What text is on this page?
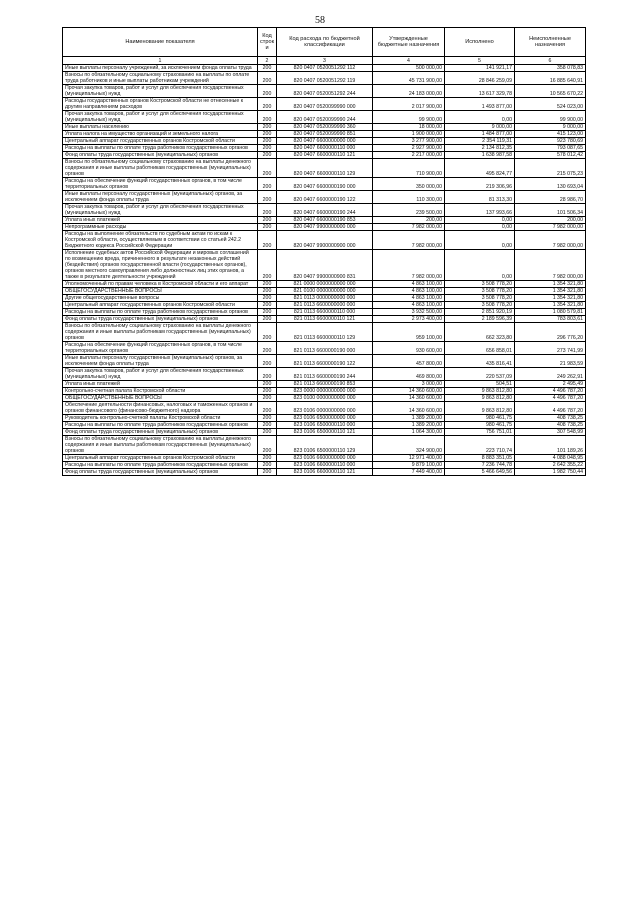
58
Наименование показателя	Код строк и	Код расхода по бюджетной классификации	Утвержденные бюджетные назначения	Исполнено	Неисполненные назначения
1	2	3	4	5	6
Иные выплаты персоналу учреждений, за исключением фонда оплаты труда	200	820 0407 0520051292 112	500 000,00	141 921,17	358 078,83
Взносы по обязательному социальному страхованию на выплаты по оплате труда работников и иные выплаты работникам учреждений	200	820 0407 0520051292 119	45 731 900,00	28 846 259,09	16 885 640,91
Прочая закупка товаров, работ и услуг для обеспечения государственных (муниципальных) нужд	200	820 0407 0520051292 244	24 183 000,00	13 617 329,78	10 565 670,22
Расходы государственных органов Костромской области не отнесенные к другим направлениям расходов	200	820 0407 0520099990 000	2 017 900,00	1 493 877,00	524 023,00
Прочая закупка товаров, работ и услуг для обеспечения государственных (муниципальных) нужд	200	820 0407 0520099990 244	99 900,00	0,00	99 900,00
Иные выплаты населению	200	820 0407 0520099990 360	18 000,00	9 000,00	9 000,00
Уплата налога на имущество организаций и земельного налога	200	820 0407 0520099990 851	1 900 000,00	1 484 877,00	415 123,00
Центральный аппарат государственных органов Костромской области	200	820 0407 6600000000 000	3 277 900,00	2 354 119,31	923 780,69
Расходы на выплаты по оплате труда работников государственных органов	200	820 0407 6600000110 000	2 927 900,00	2 134 812,35	793 087,65
Фонд оплаты труда государственных (муниципальных) органов	200	820 0407 6600000110 121	2 217 000,00	1 638 987,58	578 012,42
Взносы по обязательному социальному страхованию на выплаты денежного содержания и иные выплаты работникам государственных (муниципальных) органов	200	820 0407 6600000110 129	710 900,00	495 824,77	215 075,23
Расходы на обеспечение функций государственных органов, в том числе территориальных органов	200	820 0407 6600000190 000	350 000,00	219 306,96	130 693,04
Иные выплаты персоналу государственных (муниципальных) органов, за исключением фонда оплаты труда	200	820 0407 6600000190 122	110 300,00	81 313,30	28 986,70
Прочая закупка товаров, работ и услуг для обеспечения государственных (муниципальных) нужд	200	820 0407 6600000190 244	239 500,00	137 993,66	101 506,34
Уплата иных платежей	200	820 0407 6600000190 853	200,00	0,00	200,00
Непрограммные расходы	200	820 0407 9900000000 000	7 982 000,00	0,00	7 982 000,00
Расходы на выполнение обязательств по судебным актам по искам к Костромской области, осуществляемым в соответствии со статьей 242.2 Бюджетного кодекса Российской Федерации	200	820 0407 9900000900 000	7 982 000,00	0,00	7 982 000,00
Исполнение судебных актов Российской Федерации и мировых соглашений по возмещению вреда, причиненного в результате незаконных действий (бездействия) органов государственной власти (государственных органов), органов местного самоуправления либо должностных лиц этих органов, а также в результате деятельности учреждений	200	820 0407 9900000900 831	7 982 000,00	0,00	7 982 000,00
Уполномоченный по правам человека в Костромской области и его аппарат	200	821 0000 0000000000 000	4 863 100,00	3 508 778,20	1 354 321,80
ОБЩЕГОСУДАРСТВЕННЫЕ ВОПРОСЫ	200	821 0100 0000000000 000	4 863 100,00	3 508 778,20	1 354 321,80
Другие общегосударственные вопросы	200	821 0113 0000000000 000	4 863 100,00	3 508 778,20	1 354 321,80
Центральный аппарат государственных органов Костромской области	200	821 0113 6600000000 000	4 863 100,00	3 508 778,20	1 354 321,80
Расходы на выплаты по оплате труда работников государственных органов	200	821 0113 6600000110 000	3 932 500,00	2 851 920,19	1 080 579,81
Фонд оплаты труда государственных (муниципальных) органов	200	821 0113 6600000110 121	2 973 400,00	2 189 596,39	783 803,61
Взносы по обязательному социальному страхованию на выплаты денежного содержания и иные выплаты работникам государственных (муниципальных) органов	200	821 0113 6600000110 129	959 100,00	662 323,80	296 776,20
Расходы на обеспечение функций государственных органов, в том числе территориальных органов	200	821 0113 6600000190 000	930 600,00	656 858,01	273 741,99
Иные выплаты персоналу государственных (муниципальных) органов, за исключением фонда оплаты труда	200	821 0113 6600000190 122	457 800,00	435 816,41	21 983,59
Прочая закупка товаров, работ и услуг для обеспечения государственных (муниципальных) нужд	200	821 0113 6600000190 244	469 800,00	220 537,09	249 262,91
Уплата иных платежей	200	821 0113 6600000190 853	3 000,00	504,51	2 495,49
Контрольно-счетная палата Костромской области	200	823 0000 0000000000 000	14 360 600,00	9 863 812,80	4 496 787,20
ОБЩЕГОСУДАРСТВЕННЫЕ ВОПРОСЫ	200	823 0100 0000000000 000	14 360 600,00	9 863 812,80	4 496 787,20
Обеспечение деятельности финансовых, налоговых и таможенных органов и органов финансового (финансово-бюджетного) надзора	200	823 0106 0000000000 000	14 360 600,00	9 863 812,80	4 496 787,20
Руководитель контрольно-счетной палаты Костромской области	200	823 0106 6500000000 000	1 389 200,00	980 461,75	408 738,25
Расходы на выплаты по оплате труда работников государственных органов	200	823 0106 6500000110 000	1 389 200,00	980 461,75	408 738,25
Фонд оплаты труда государственных (муниципальных) органов	200	823 0106 6500000110 121	1 064 300,00	756 751,01	307 548,99
Взносы по обязательному социальному страхованию на выплаты денежного содержания и иные выплаты работникам государственных (муниципальных) органов	200	823 0106 6500000110 129	324 900,00	223 710,74	101 189,26
Центральный аппарат государственных органов Костромской области	200	823 0106 6600000000 000	12 971 400,00	8 883 351,05	4 088 048,95
Расходы на выплаты по оплате труда работников государственных органов	200	823 0106 6600000110 000	9 879 100,00	7 236 744,78	2 642 355,22
Фонд оплаты труда государственных (муниципальных) органов	200	823 0106 6600000110 121	7 449 400,00	5 466 649,56	1 982 750,44
